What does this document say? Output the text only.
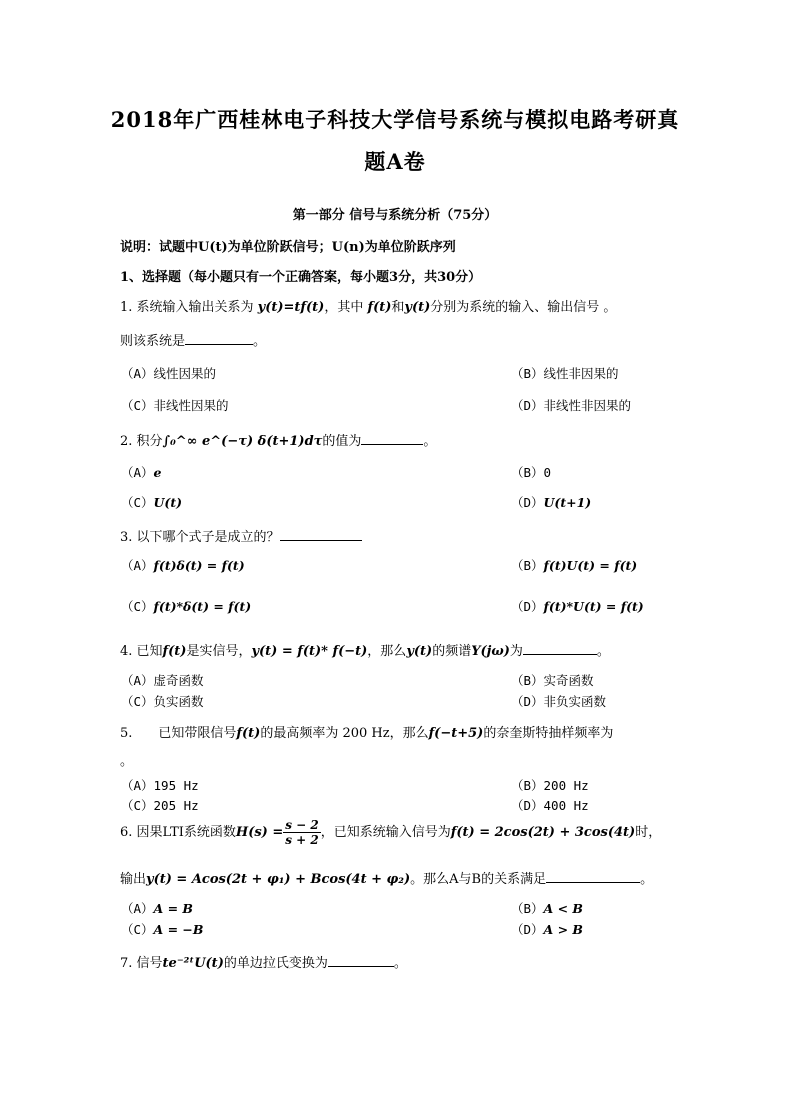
2018年广西桂林电子科技大学信号系统与模拟电路考研真
题A卷
第一部分 信号与系统分析（75分）
说明：试题中U(t)为单位阶跃信号；U(n)为单位阶跃序列
1、选择题（每小题只有一个正确答案，每小题3分，共30分）
1. 系统输入输出关系为 y(t)=tf(t)，其中 f(t)和y(t)分别为系统的输入、输出信号 。
则该系统是	。
（A）线性因果的	（B）线性非因果的
（C）非线性因果的	（D）非线性非因果的
2. 积分∫₀^∞ e^(−τ) δ(t+1)dτ的值为	。
（A）e	（B）0
（C）U(t)	（D）U(t+1)
3. 以下哪个式子是成立的？
（A）f(t)δ(t) = f(t)	（B）f(t)U(t) = f(t)
（C）f(t)*δ(t) = f(t)	（D）f(t)*U(t) = f(t)
4. 已知f(t)是实信号，y(t) = f(t)* f(−t)，那么y(t)的频谱Y(jω)为	。
（A）虚奇函数	（B）实奇函数
（C）负实函数	（D）非负实函数
5. 已知带限信号f(t)的最高频率为 200 Hz，那么f(−t+5)的奈奎斯特抽样频率为
。
（A）195 Hz	（B）200 Hz
（C）205 Hz	（D）400 Hz
6. 因果LTI系统函数$H(s) = \frac{s - 2}{s + 2}$ ，已知系统输入信号为f(t) = 2cos(2t) + 3cos(4t)时，
输出y(t) = Acos(2t + φ₁) + Bcos(4t + φ₂)。那么A与B的关系满足	。
（A）A = B	（B）A < B
（C）A = −B	（D）A > B
7. 信号te⁻²ᵗU(t)的单边拉氏变换为	。
